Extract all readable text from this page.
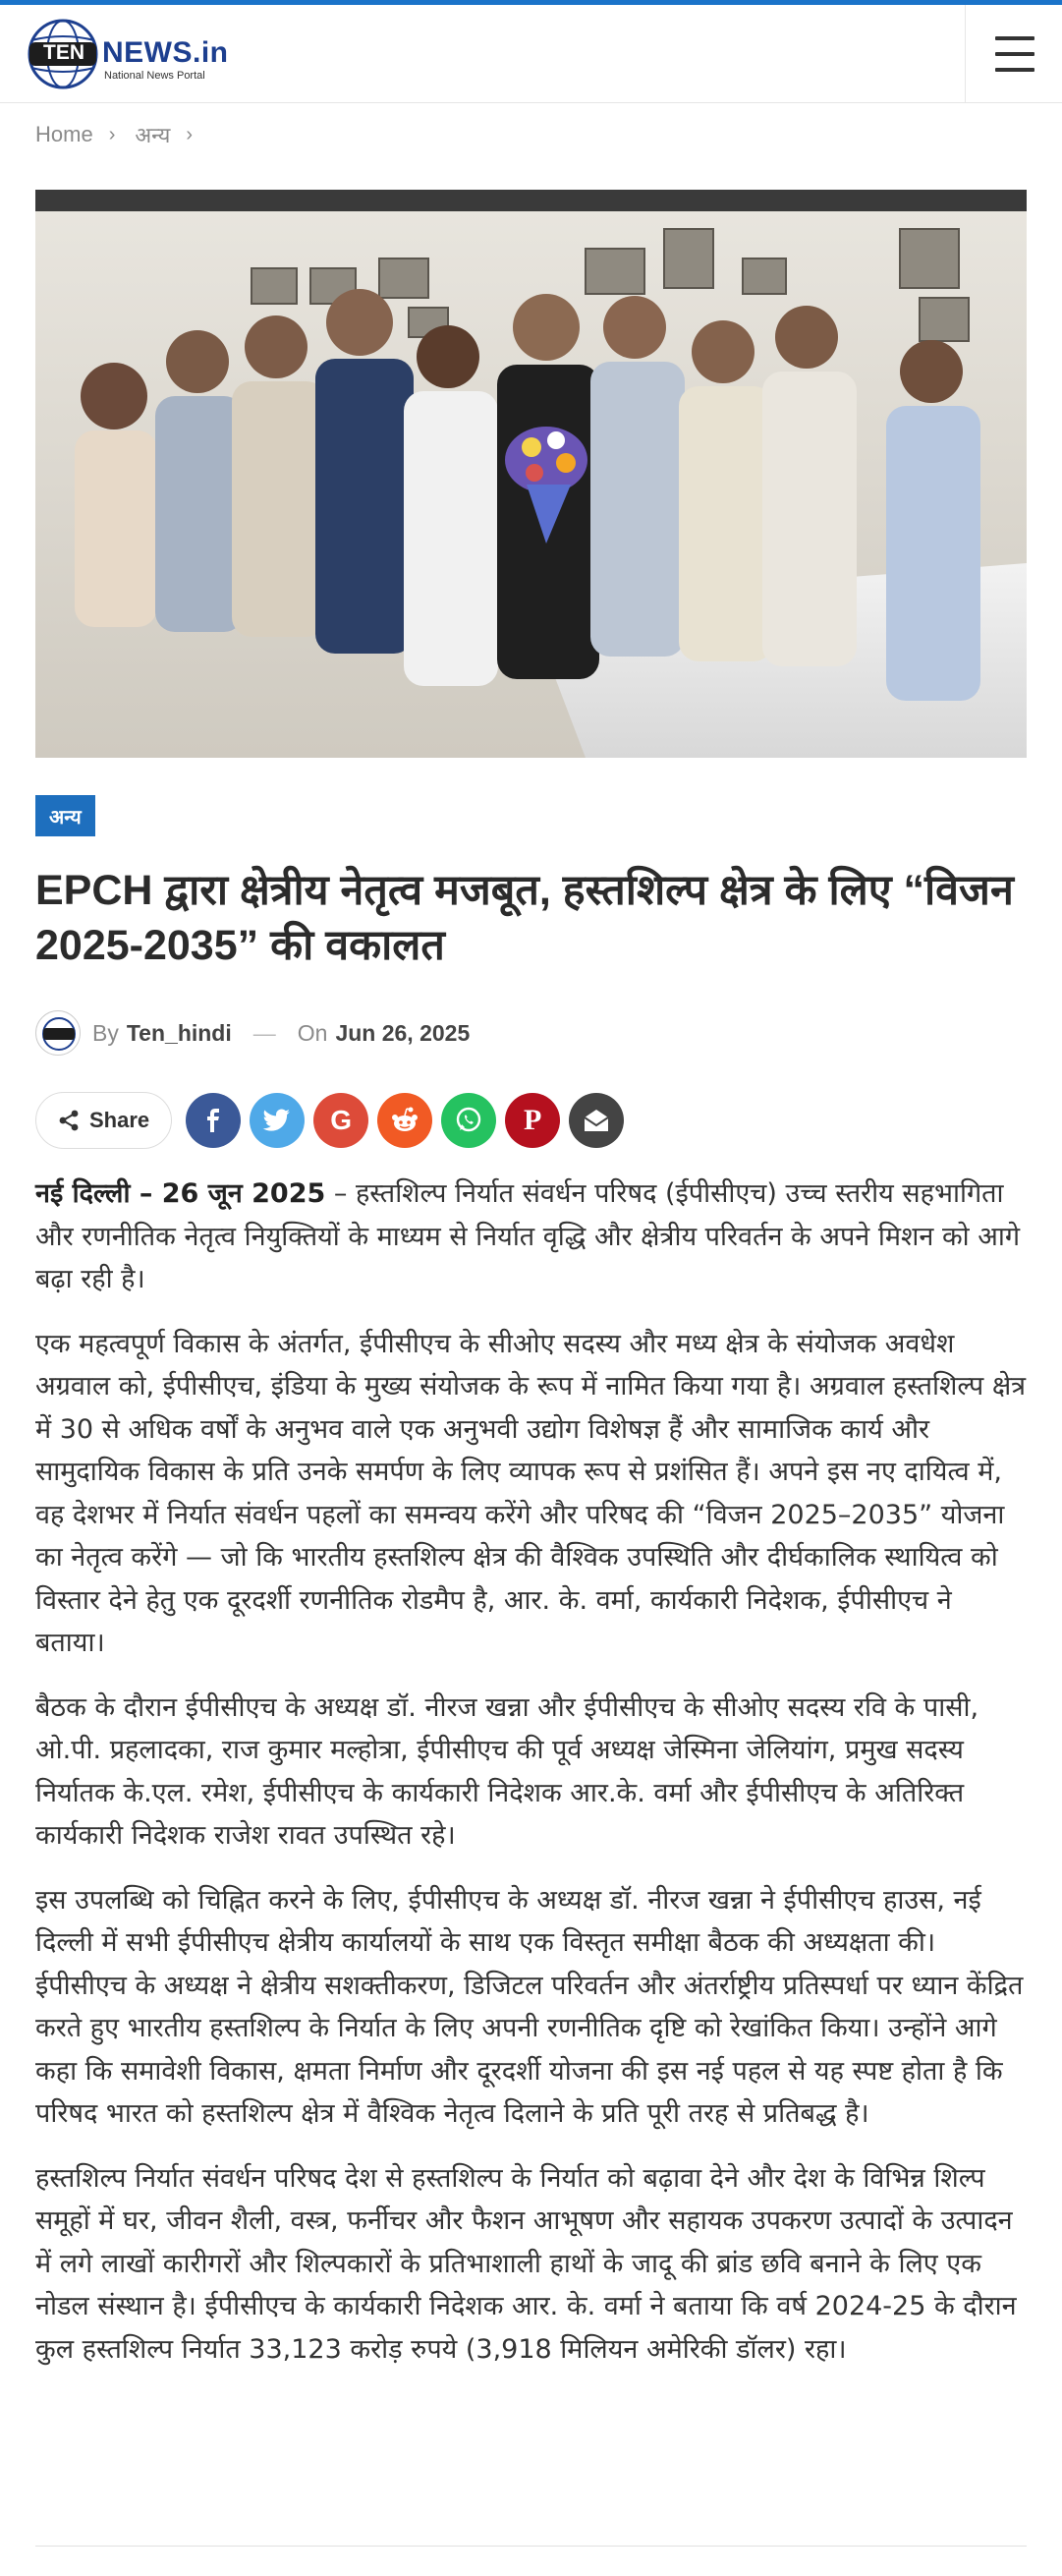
TEN NEWS.in
National News Portal
Home › अन्य ›
अन्य
EPCH द्वारा क्षेत्रीय नेतृत्व मजबूत, हस्तशिल्प क्षेत्र के लिए “विजन 2025-2035” की वकालत
By Ten_hindi — On Jun 26, 2025
Share	G	P

नई दिल्ली – 26 जून 2025 – हस्तशिल्प निर्यात संवर्धन परिषद (ईपीसीएच) उच्च स्तरीय सहभागिता और रणनीतिक नेतृत्व नियुक्तियों के माध्यम से निर्यात वृद्धि और क्षेत्रीय परिवर्तन के अपने मिशन को आगे बढ़ा रही है।

एक महत्वपूर्ण विकास के अंतर्गत, ईपीसीएच के सीओए सदस्य और मध्य क्षेत्र के संयोजक अवधेश अग्रवाल को, ईपीसीएच, इंडिया के मुख्य संयोजक के रूप में नामित किया गया है। अग्रवाल हस्तशिल्प क्षेत्र में 30 से अधिक वर्षों के अनुभव वाले एक अनुभवी उद्योग विशेषज्ञ हैं और सामाजिक कार्य और सामुदायिक विकास के प्रति उनके समर्पण के लिए व्यापक रूप से प्रशंसित हैं। अपने इस नए दायित्व में, वह देशभर में निर्यात संवर्धन पहलों का समन्वय करेंगे और परिषद की “विजन 2025–2035” योजना का नेतृत्व करेंगे — जो कि भारतीय हस्तशिल्प क्षेत्र की वैश्विक उपस्थिति और दीर्घकालिक स्थायित्व को विस्तार देने हेतु एक दूरदर्शी रणनीतिक रोडमैप है, आर. के. वर्मा, कार्यकारी निदेशक, ईपीसीएच ने बताया।

बैठक के दौरान ईपीसीएच के अध्यक्ष डॉ. नीरज खन्ना और ईपीसीएच के सीओए सदस्य रवि के पासी, ओ.पी. प्रहलादका, राज कुमार मल्होत्रा, ईपीसीएच की पूर्व अध्यक्ष जेस्मिना जेलियांग, प्रमुख सदस्य निर्यातक के.एल. रमेश, ईपीसीएच के कार्यकारी निदेशक आर.के. वर्मा और ईपीसीएच के अतिरिक्त कार्यकारी निदेशक राजेश रावत उपस्थित रहे।

इस उपलब्धि को चिह्नित करने के लिए, ईपीसीएच के अध्यक्ष डॉ. नीरज खन्ना ने ईपीसीएच हाउस, नई दिल्ली में सभी ईपीसीएच क्षेत्रीय कार्यालयों के साथ एक विस्तृत समीक्षा बैठक की अध्यक्षता की। ईपीसीएच के अध्यक्ष ने क्षेत्रीय सशक्तीकरण, डिजिटल परिवर्तन और अंतर्राष्ट्रीय प्रतिस्पर्धा पर ध्यान केंद्रित करते हुए भारतीय हस्तशिल्प के निर्यात के लिए अपनी रणनीतिक दृष्टि को रेखांकित किया। उन्होंने आगे कहा कि समावेशी विकास, क्षमता निर्माण और दूरदर्शी योजना की इस नई पहल से यह स्पष्ट होता है कि परिषद भारत को हस्तशिल्प क्षेत्र में वैश्विक नेतृत्व दिलाने के प्रति पूरी तरह से प्रतिबद्ध है।

हस्तशिल्प निर्यात संवर्धन परिषद देश से हस्तशिल्प के निर्यात को बढ़ावा देने और देश के विभिन्न शिल्प समूहों में घर, जीवन शैली, वस्त्र, फर्नीचर और फैशन आभूषण और सहायक उपकरण उत्पादों के उत्पादन में लगे लाखों कारीगरों और शिल्पकारों के प्रतिभाशाली हाथों के जादू की ब्रांड छवि बनाने के लिए एक नोडल संस्थान है। ईपीसीएच के कार्यकारी निदेशक आर. के. वर्मा ने बताया कि वर्ष 2024-25 के दौरान कुल हस्तशिल्प निर्यात 33,123 करोड़ रुपये (3,918 मिलियन अमेरिकी डॉलर) रहा।
